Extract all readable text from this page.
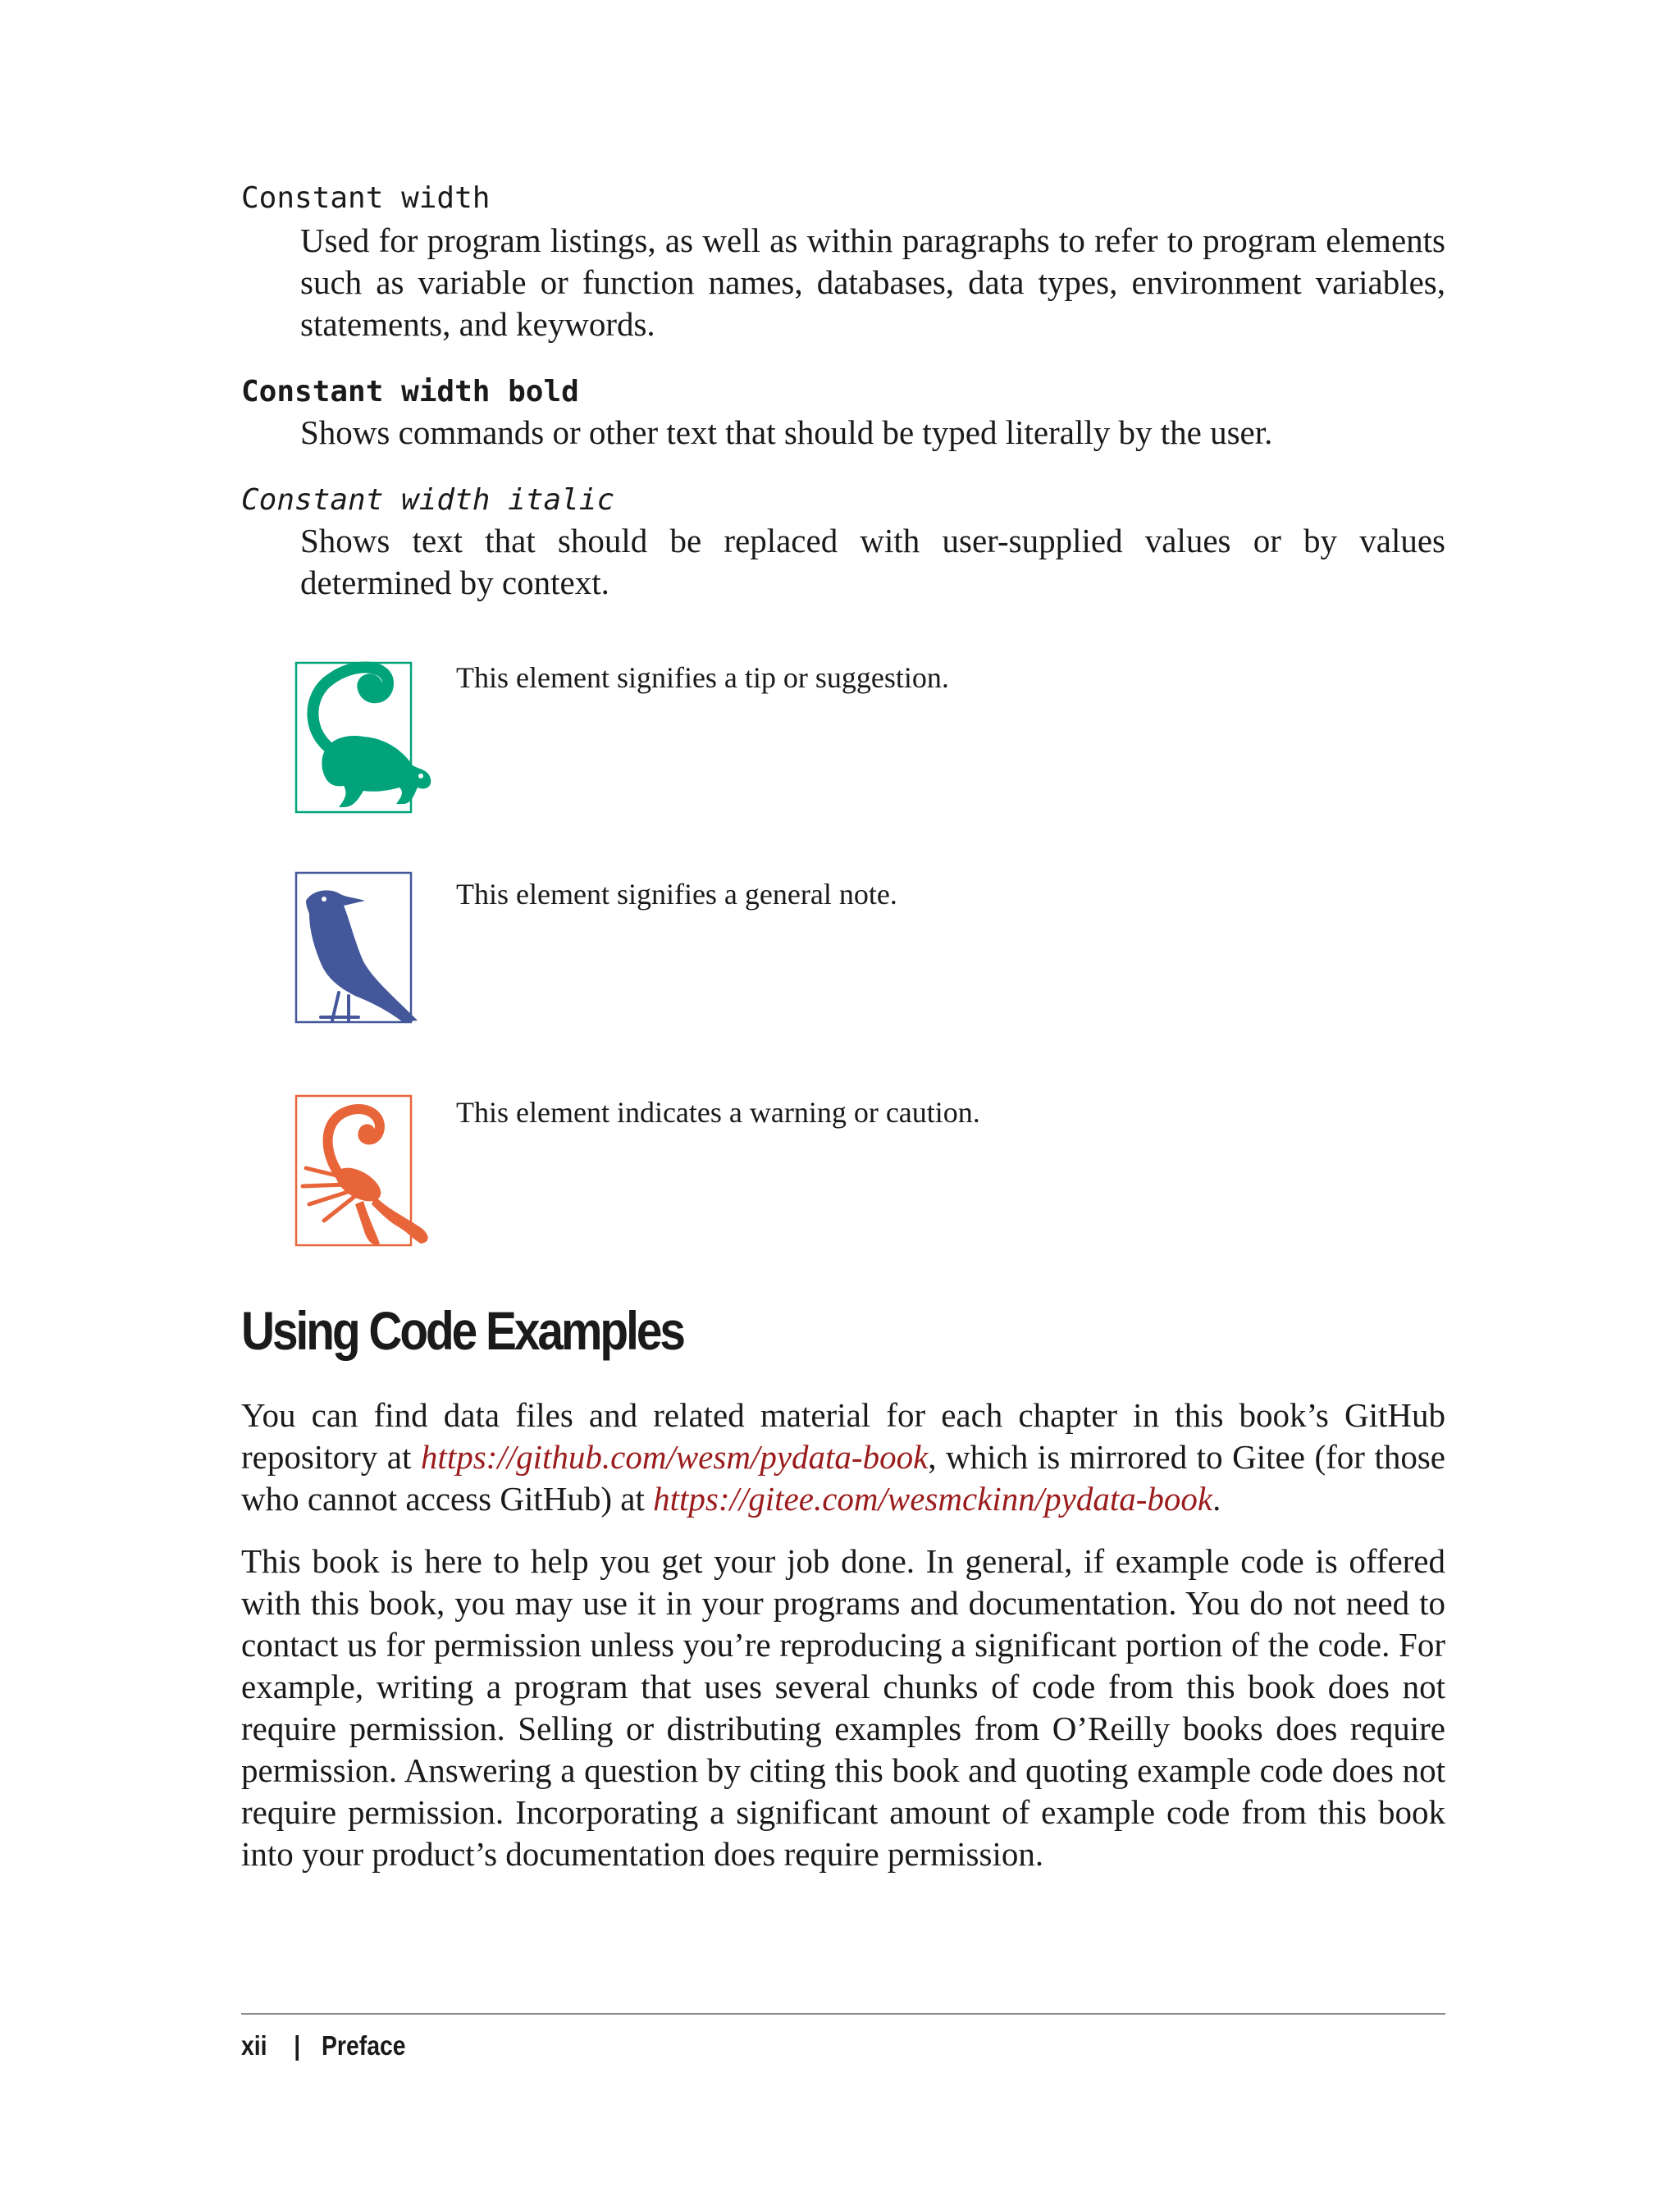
Constant width
Used for program listings, as well as within paragraphs to refer to program elements such as variable or function names, databases, data types, environment variables, statements, and keywords.
Constant width bold
Shows commands or other text that should be typed literally by the user.
Constant width italic
Shows text that should be replaced with user-supplied values or by values determined by context.
This element signifies a tip or suggestion.
This element signifies a general note.
This element indicates a warning or caution.
Using Code Examples
You can find data files and related material for each chapter in this book’s GitHub repository at https://github.com/wesm/pydata-book, which is mirrored to Gitee (for those who cannot access GitHub) at https://gitee.com/wesmckinn/pydata-book.
This book is here to help you get your job done. In general, if example code is offered with this book, you may use it in your programs and documentation. You do not need to contact us for permission unless you’re reproducing a significant portion of the code. For example, writing a program that uses several chunks of code from this book does not require permission. Selling or distributing examples from O’Reilly books does require permission. Answering a question by citing this book and quoting example code does not require permission. Incorporating a significant amount of example code from this book into your product’s documentation does require permission.
xii | Preface
